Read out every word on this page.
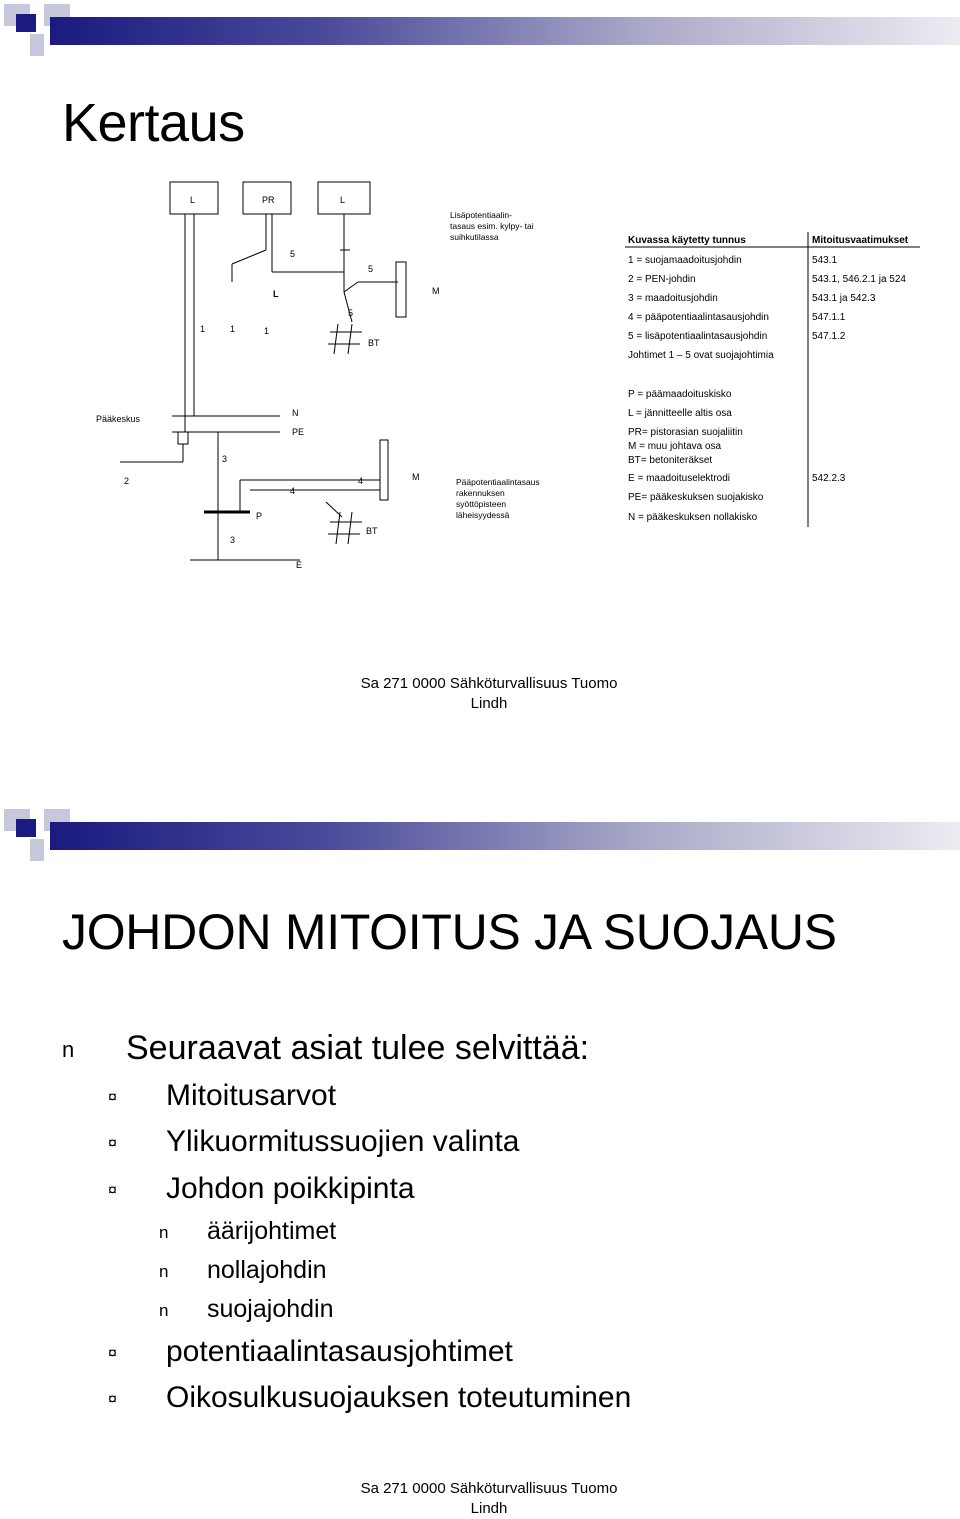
Kertaus
L	PR	L
Lisäpotentiaalin-
tasaus esim. kylpy- tai
suihkutilassa
1	1	1
5
5
5
L	M
BT
Pääkeskus
N
PE
2
3
4
4	M
P
BT
3
E
Pääpotentiaalintasaus
rakennuksen
syöttöpisteen
läheisyydessä
Kuvassa käytetty tunnus	Mitoitusvaatimukset
1 = suojamaadoitusjohdin	543.1
2 = PEN-johdin	543.1, 546.2.1 ja 524
3 = maadoitusjohdin	543.1 ja 542.3
4 = pääpotentiaalintasausjohdin	547.1.1
5 = lisäpotentiaalintasausjohdin	547.1.2
Johtimet 1 – 5 ovat suojajohtimia
P = päämaadoituskisko
L = jännitteelle altis osa
PR= pistorasian suojaliitin
M = muu johtava osa
BT= betoniteräkset
E = maadoituselektrodi	542.2.3
PE= pääkeskuksen suojakisko
N = pääkeskuksen nollakisko
Sa 271 0000 Sähköturvallisuus Tuomo
Lindh
JOHDON MITOITUS JA SUOJAUS
n Seuraavat asiat tulee selvittää:
¤ Mitoitusarvot
¤ Ylikuormitussuojien valinta
¤ Johdon poikkipinta
n äärijohtimet
n nollajohdin
n suojajohdin
¤ potentiaalintasausjohtimet
¤ Oikosulkusuojauksen toteutuminen
Sa 271 0000 Sähköturvallisuus Tuomo
Lindh
